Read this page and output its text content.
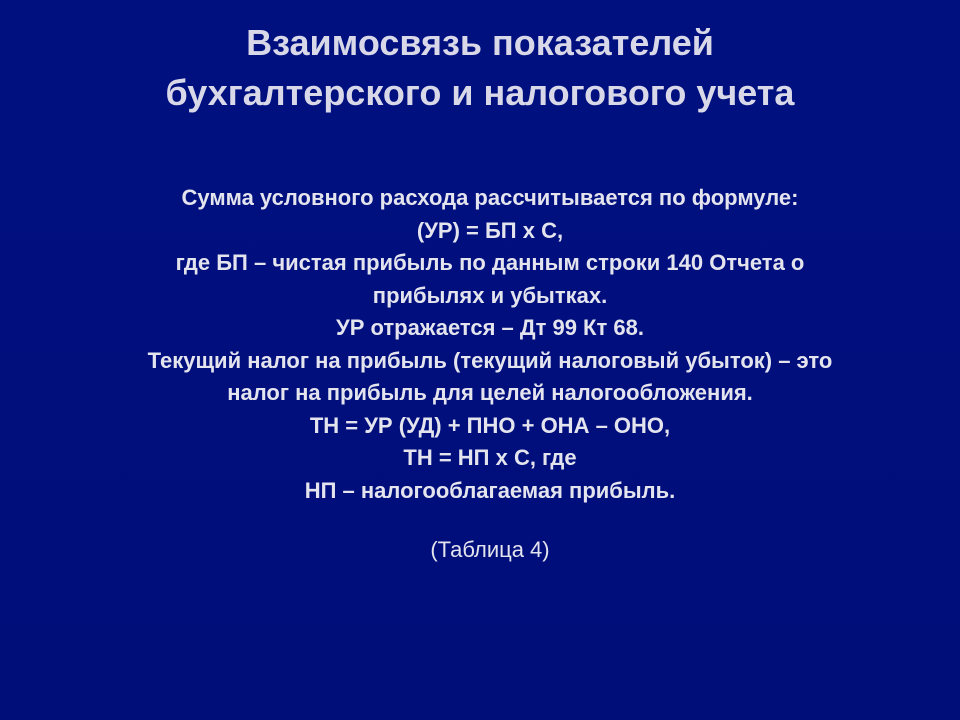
Взаимосвязь показателей
бухгалтерского и налогового учета
Сумма условного расхода рассчитывается по формуле:
(УР) = БП х С,
где БП – чистая прибыль по данным строки 140 Отчета о
прибылях и убытках.
УР отражается – Дт 99 Кт 68.
Текущий налог на прибыль (текущий налоговый убыток) – это
налог на прибыль для целей налогообложения.
ТН = УР (УД) + ПНО + ОНА – ОНО,
ТН = НП х С, где
НП – налогооблагаемая прибыль.
(Таблица 4)
